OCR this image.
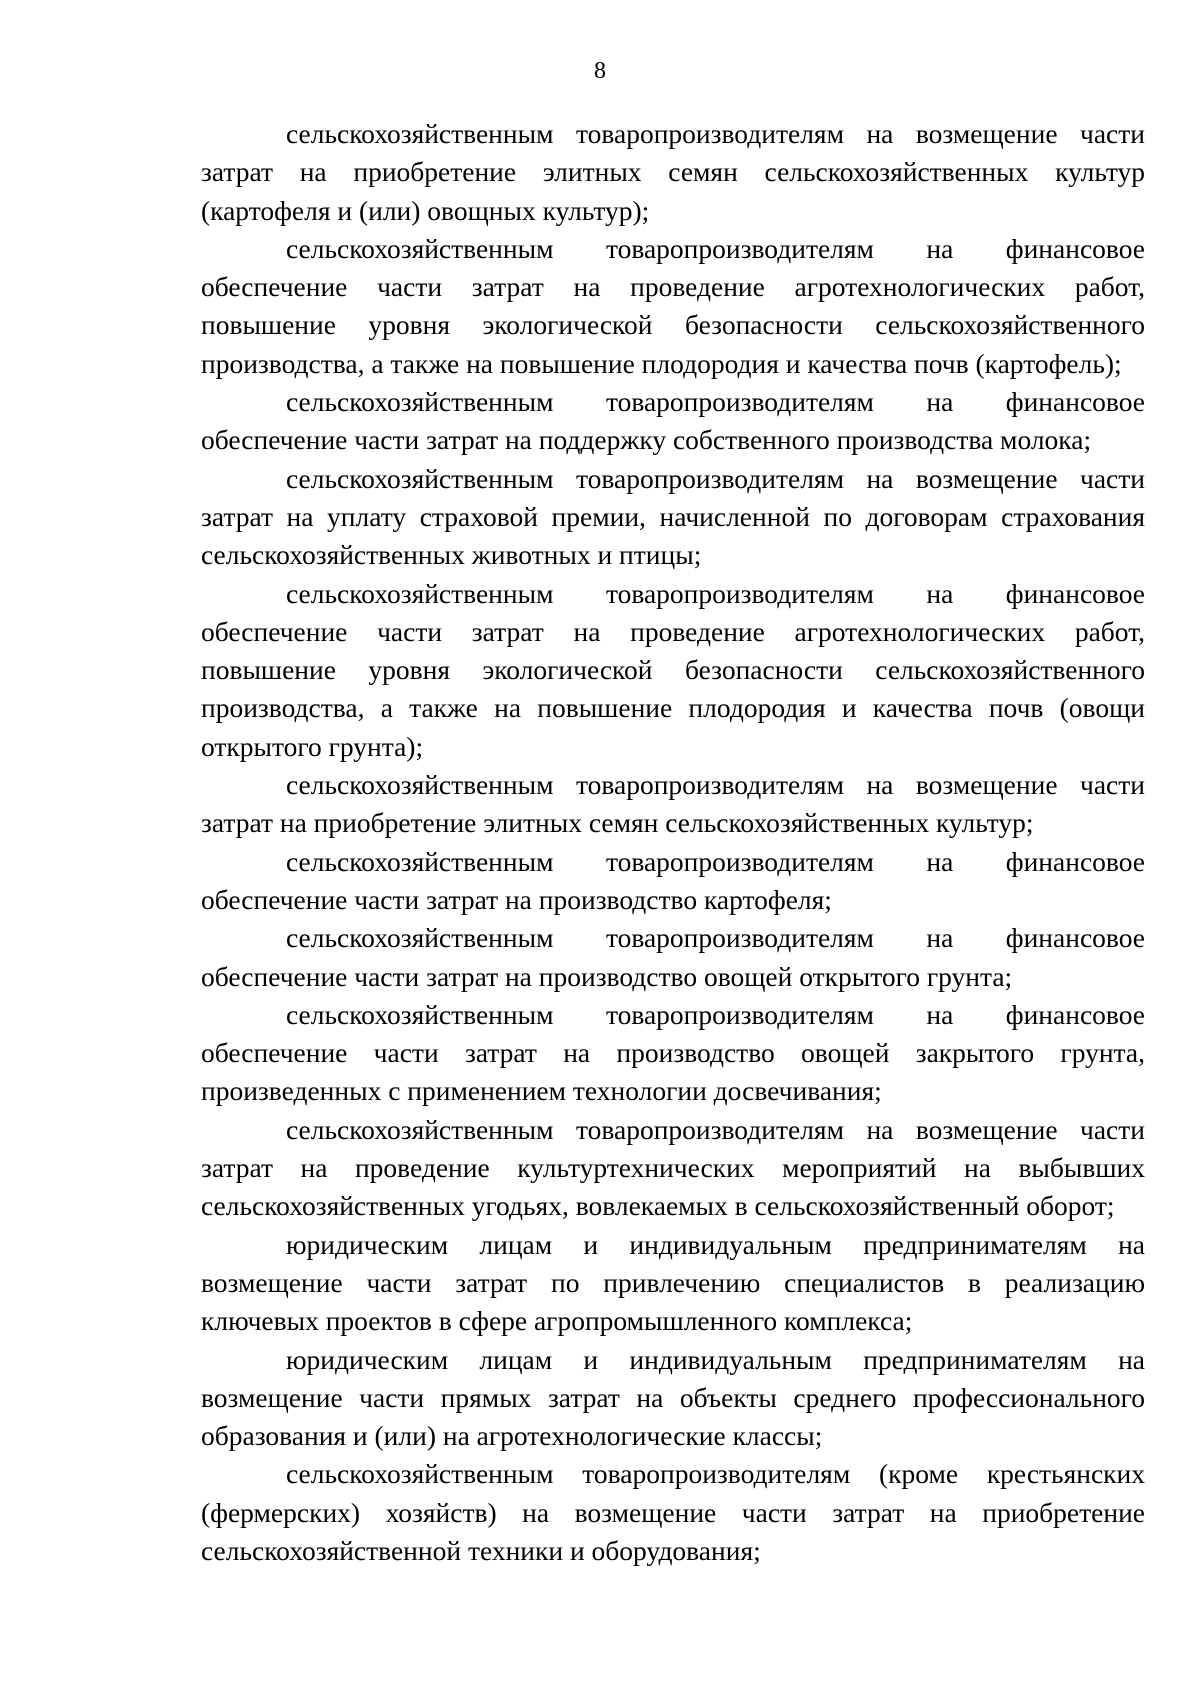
8
сельскохозяйственным товаропроизводителям на возмещение части
затрат на приобретение элитных семян сельскохозяйственных культур
(картофеля и (или) овощных культур);
сельскохозяйственным товаропроизводителям на финансовое
обеспечение части затрат на проведение агротехнологических работ,
повышение уровня экологической безопасности сельскохозяйственного
производства, а также на повышение плодородия и качества почв (картофель);
сельскохозяйственным товаропроизводителям на финансовое
обеспечение части затрат на поддержку собственного производства молока;
сельскохозяйственным товаропроизводителям на возмещение части
затрат на уплату страховой премии, начисленной по договорам страхования
сельскохозяйственных животных и птицы;
сельскохозяйственным товаропроизводителям на финансовое
обеспечение части затрат на проведение агротехнологических работ,
повышение уровня экологической безопасности сельскохозяйственного
производства, а также на повышение плодородия и качества почв (овощи
открытого грунта);
сельскохозяйственным товаропроизводителям на возмещение части
затрат на приобретение элитных семян сельскохозяйственных культур;
сельскохозяйственным товаропроизводителям на финансовое
обеспечение части затрат на производство картофеля;
сельскохозяйственным товаропроизводителям на финансовое
обеспечение части затрат на производство овощей открытого грунта;
сельскохозяйственным товаропроизводителям на финансовое
обеспечение части затрат на производство овощей закрытого грунта,
произведенных с применением технологии досвечивания;
сельскохозяйственным товаропроизводителям на возмещение части
затрат на проведение культуртехнических мероприятий на выбывших
сельскохозяйственных угодьях, вовлекаемых в сельскохозяйственный оборот;
юридическим лицам и индивидуальным предпринимателям на
возмещение части затрат по привлечению специалистов в реализацию
ключевых проектов в сфере агропромышленного комплекса;
юридическим лицам и индивидуальным предпринимателям на
возмещение части прямых затрат на объекты среднего профессионального
образования и (или) на агротехнологические классы;
сельскохозяйственным товаропроизводителям (кроме крестьянских
(фермерских) хозяйств) на возмещение части затрат на приобретение
сельскохозяйственной техники и оборудования;
